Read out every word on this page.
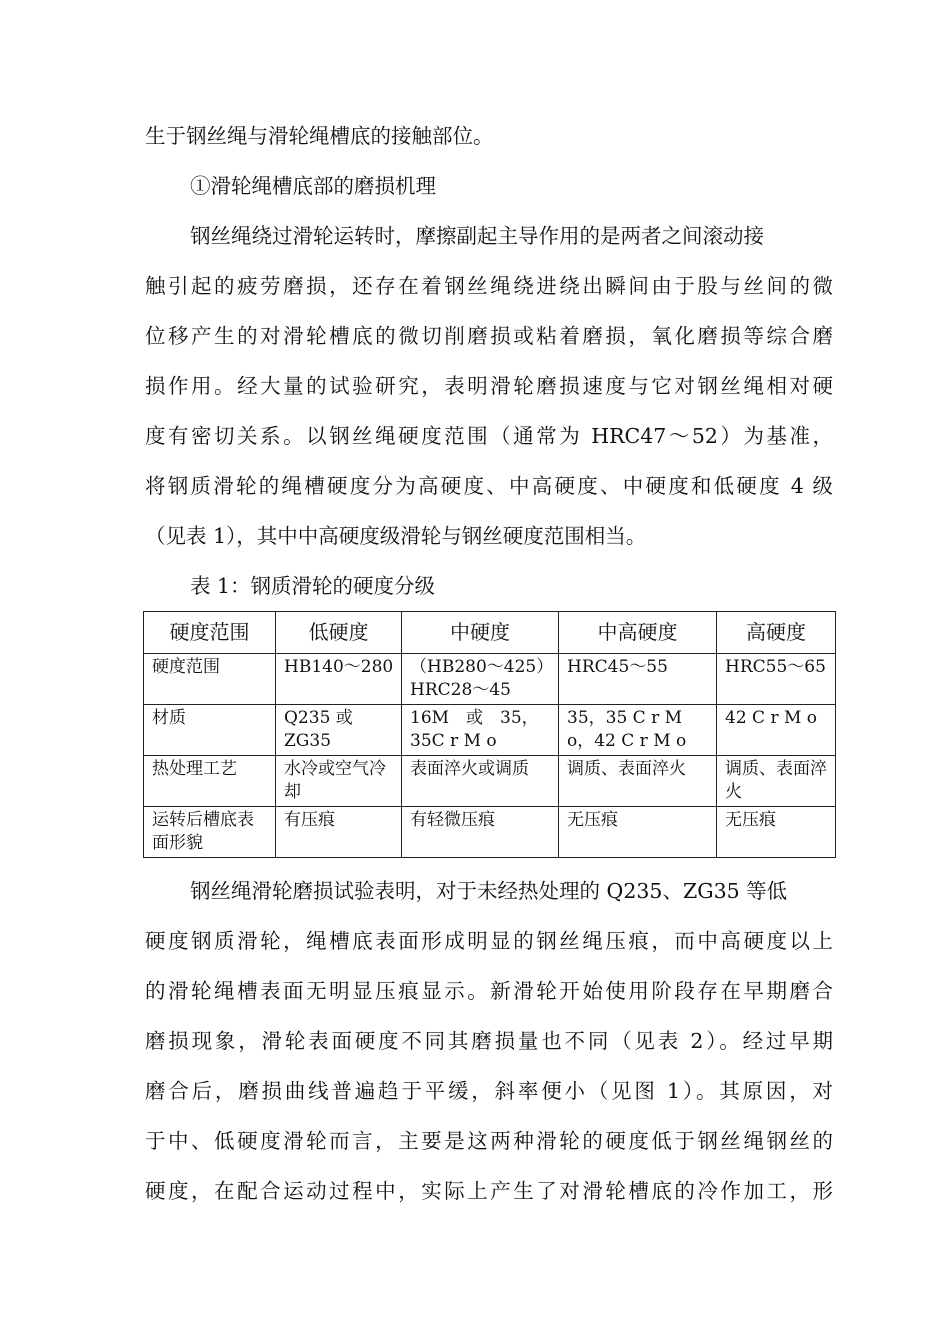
生于钢丝绳与滑轮绳槽底的接触部位。
①滑轮绳槽底部的磨损机理
钢丝绳绕过滑轮运转时，摩擦副起主导作用的是两者之间滚动接
触引起的疲劳磨损，还存在着钢丝绳绕进绕出瞬间由于股与丝间的微
位移产生的对滑轮槽底的微切削磨损或粘着磨损，氧化磨损等综合磨
损作用。经大量的试验研究，表明滑轮磨损速度与它对钢丝绳相对硬
度有密切关系。以钢丝绳硬度范围（通常为 HRC47～52）为基准，
将钢质滑轮的绳槽硬度分为高硬度、中高硬度、中硬度和低硬度 4 级
（见表 1），其中中高硬度级滑轮与钢丝硬度范围相当。
表 1：钢质滑轮的硬度分级
硬度范围	低硬度	中硬度	中高硬度	高硬度
硬度范围	HB140～280	（HB280～425）HRC28～45	HRC45～55	HRC55～65
材质	Q235 或 ZG35	16M　或　35，35C r M o	35，35 C r M o，42 C r M o	42 C r M o
热处理工艺	水冷或空气冷却	表面淬火或调质	调质、表面淬火	调质、表面淬火
运转后槽底表面形貌	有压痕	有轻微压痕	无压痕	无压痕
钢丝绳滑轮磨损试验表明，对于未经热处理的 Q235、ZG35 等低
硬度钢质滑轮，绳槽底表面形成明显的钢丝绳压痕，而中高硬度以上
的滑轮绳槽表面无明显压痕显示。新滑轮开始使用阶段存在早期磨合
磨损现象，滑轮表面硬度不同其磨损量也不同（见表 2）。经过早期
磨合后，磨损曲线普遍趋于平缓，斜率便小（见图 1）。其原因，对
于中、低硬度滑轮而言，主要是这两种滑轮的硬度低于钢丝绳钢丝的
硬度，在配合运动过程中，实际上产生了对滑轮槽底的冷作加工，形
